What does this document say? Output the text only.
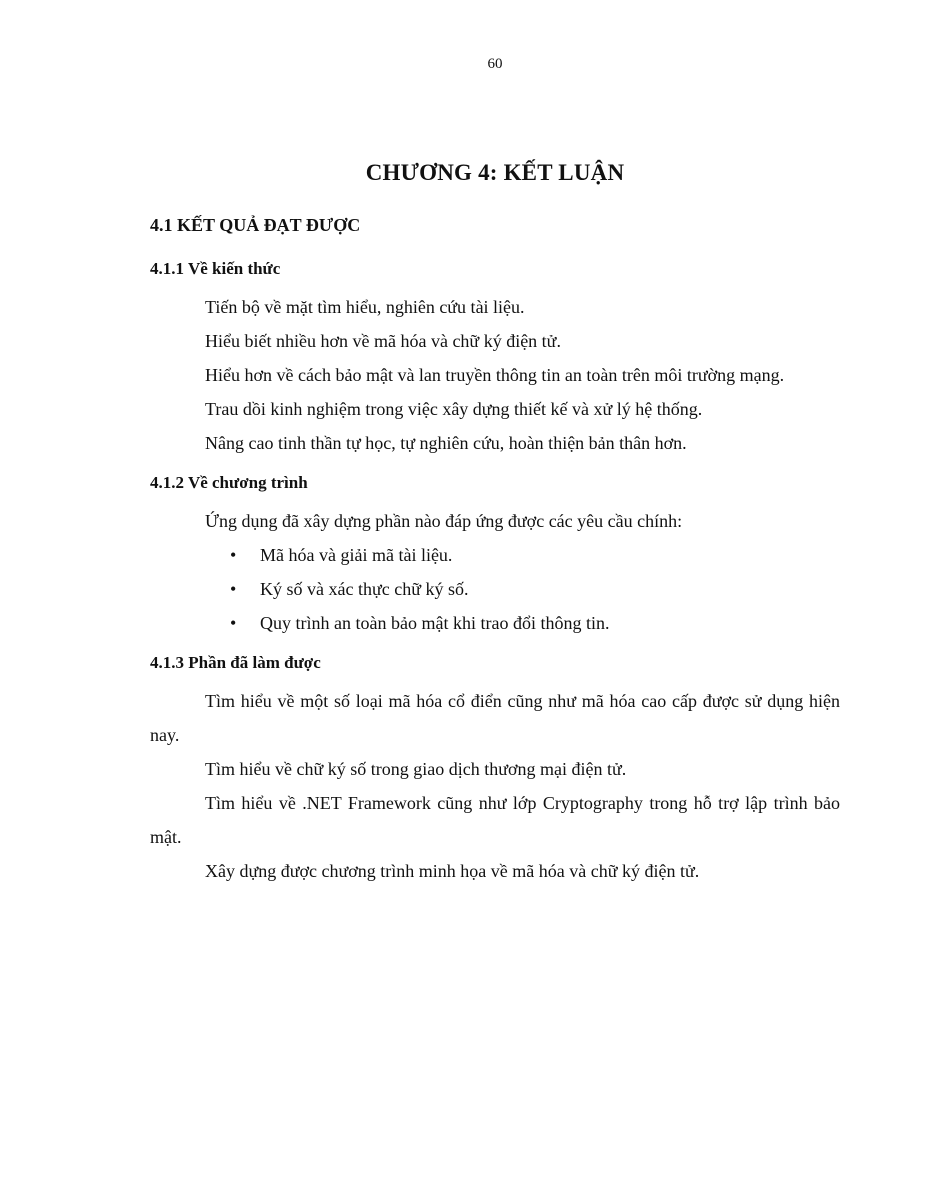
60
CHƯƠNG 4: KẾT LUẬN
4.1 KẾT QUẢ ĐẠT ĐƯỢC
4.1.1 Về kiến thức

Tiến bộ về mặt tìm hiểu, nghiên cứu tài liệu.

Hiểu biết nhiều hơn về mã hóa và chữ ký điện tử.

Hiểu hơn về cách bảo mật và lan truyền thông tin an toàn trên môi trường mạng.

Trau dồi kinh nghiệm trong việc xây dựng thiết kế và xử lý hệ thống.

Nâng cao tinh thần tự học, tự nghiên cứu, hoàn thiện bản thân hơn.

4.1.2 Về chương trình

Ứng dụng đã xây dựng phần nào đáp ứng được các yêu cầu chính:

• Mã hóa và giải mã tài liệu.
• Ký số và xác thực chữ ký số.
• Quy trình an toàn bảo mật khi trao đổi thông tin.
4.1.3 Phần đã làm được

Tìm hiểu về một số loại mã hóa cổ điển cũng như mã hóa cao cấp được sử dụng hiện nay.

Tìm hiểu về chữ ký số trong giao dịch thương mại điện tử.

Tìm hiểu về .NET Framework cũng như lớp Cryptography trong hỗ trợ lập trình bảo mật.

Xây dựng được chương trình minh họa về mã hóa và chữ ký điện tử.
